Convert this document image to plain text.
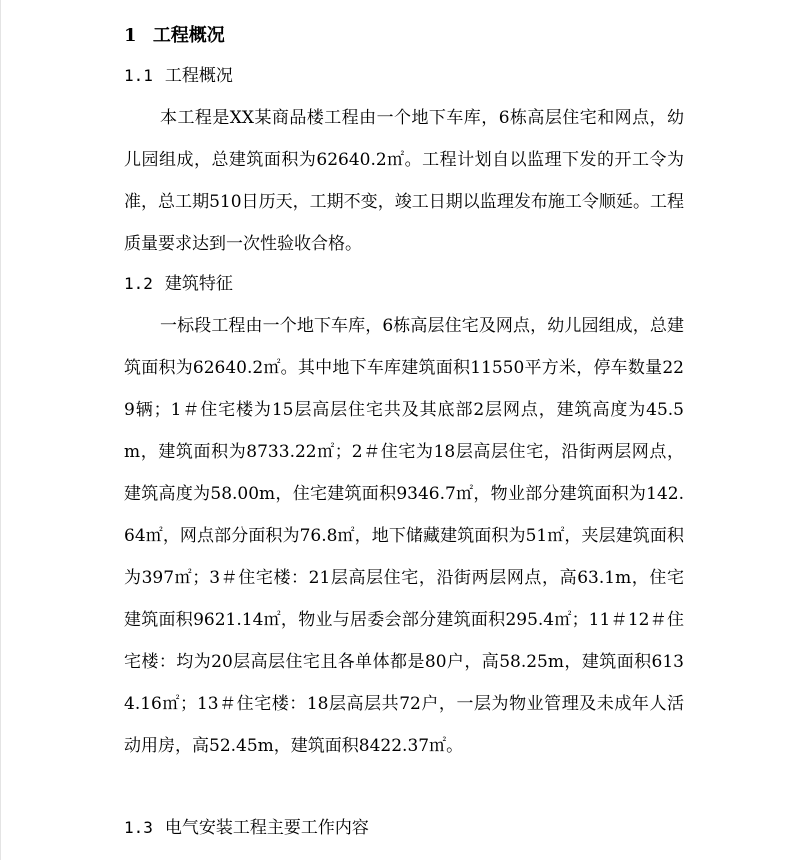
1 工程概况
1.1 工程概况
本工程是XX某商品楼工程由一个地下车库，6栋高层住宅和网点，幼儿园组成，总建筑面积为62640.2㎡。工程计划自以监理下发的开工令为准，总工期510日历天，工期不变，竣工日期以监理发布施工令顺延。工程质量要求达到一次性验收合格。
1.2 建筑特征
一标段工程由一个地下车库，6栋高层住宅及网点，幼儿园组成，总建筑面积为62640.2㎡。其中地下车库建筑面积11550平方米，停车数量229辆；1＃住宅楼为15层高层住宅共及其底部2层网点，建筑高度为45.5m，建筑面积为8733.22㎡；2＃住宅为18层高层住宅，沿街两层网点，建筑高度为58.00m，住宅建筑面积9346.7㎡，物业部分建筑面积为142.64㎡，网点部分面积为76.8㎡，地下储藏建筑面积为51㎡，夹层建筑面积为397㎡；3＃住宅楼：21层高层住宅，沿街两层网点，高63.1m，住宅建筑面积9621.14㎡，物业与居委会部分建筑面积295.4㎡；11＃12＃住宅楼：均为20层高层住宅且各单体都是80户，高58.25m，建筑面积6134.16㎡；13＃住宅楼：18层高层共72户，一层为物业管理及未成年人活动用房，高52.45m，建筑面积8422.37㎡。
1.3 电气安装工程主要工作内容
